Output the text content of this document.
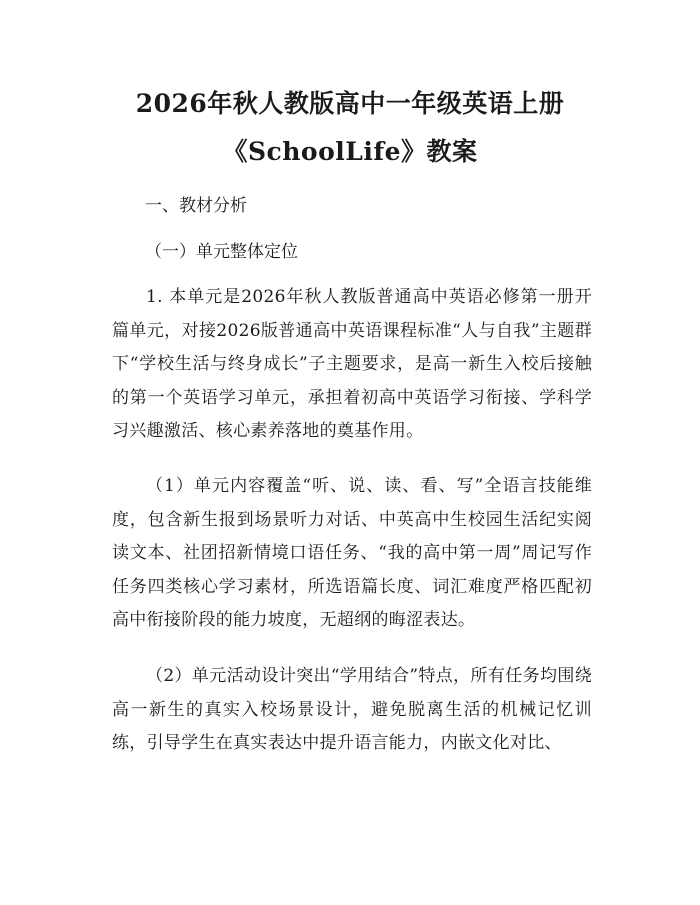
2026年秋人教版高中一年级英语上册
《SchoolLife》教案
一、教材分析
（一）单元整体定位

1. 本单元是2026年秋人教版普通高中英语必修第一册开篇单元，对接2026版普通高中英语课程标准“人与自我”主题群下“学校生活与终身成长”子主题要求，是高一新生入校后接触的第一个英语学习单元，承担着初高中英语学习衔接、学科学习兴趣激活、核心素养落地的奠基作用。

（1）单元内容覆盖“听、说、读、看、写”全语言技能维度，包含新生报到场景听力对话、中英高中生校园生活纪实阅读文本、社团招新情境口语任务、“我的高中第一周”周记写作任务四类核心学习素材，所选语篇长度、词汇难度严格匹配初高中衔接阶段的能力坡度，无超纲的晦涩表达。

（2）单元活动设计突出“学用结合”特点，所有任务均围绕高一新生的真实入校场景设计，避免脱离生活的机械记忆训练，引导学生在真实表达中提升语言能力，内嵌文化对比、
